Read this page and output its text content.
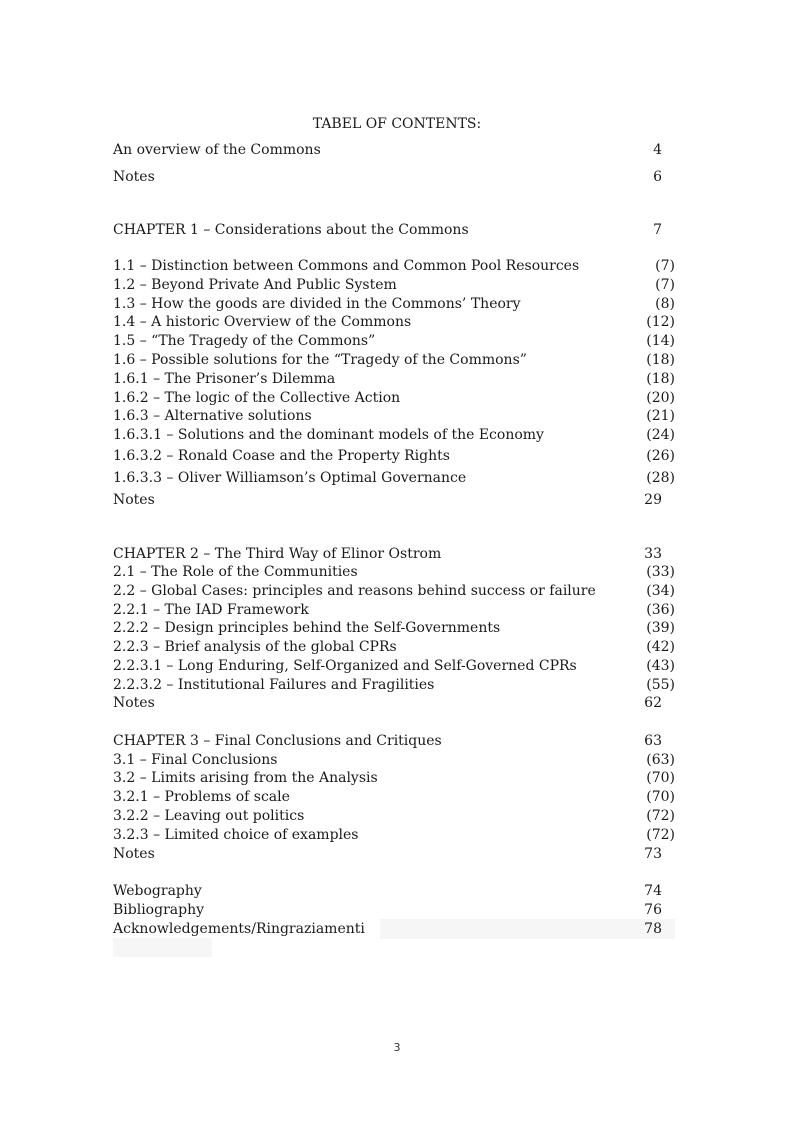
TABEL OF CONTENTS:
An overview of the Commons	4
Notes	6
CHAPTER 1 – Considerations about the Commons	7
1.1 – Distinction between Commons and Common Pool Resources	(7)
1.2 – Beyond Private And Public System	(7)
1.3 – How the goods are divided in the Commons’ Theory	(8)
1.4 – A historic Overview of the Commons	(12)
1.5 – “The Tragedy of the Commons”	(14)
1.6 – Possible solutions for the “Tragedy of the Commons”	(18)
1.6.1 – The Prisoner’s Dilemma	(18)
1.6.2 – The logic of the Collective Action	(20)
1.6.3 – Alternative solutions	(21)
1.6.3.1 – Solutions and the dominant models of the Economy	(24)
1.6.3.2 – Ronald Coase and the Property Rights	(26)
1.6.3.3 – Oliver Williamson’s Optimal Governance	(28)
Notes	29
CHAPTER 2 – The Third Way of Elinor Ostrom	33
2.1 – The Role of the Communities	(33)
2.2 – Global Cases: principles and reasons behind success or failure	(34)
2.2.1 – The IAD Framework	(36)
2.2.2 – Design principles behind the Self-Governments	(39)
2.2.3 – Brief analysis of the global CPRs	(42)
2.2.3.1 – Long Enduring, Self-Organized and Self-Governed CPRs	(43)
2.2.3.2 – Institutional Failures and Fragilities	(55)
Notes	62
CHAPTER 3 – Final Conclusions and Critiques	63
3.1 – Final Conclusions	(63)
3.2 – Limits arising from the Analysis	(70)
3.2.1 – Problems of scale	(70)
3.2.2 – Leaving out politics	(72)
3.2.3 – Limited choice of examples	(72)
Notes	73
Webography	74
Bibliography	76
Acknowledgements/Ringraziamenti	78
3
